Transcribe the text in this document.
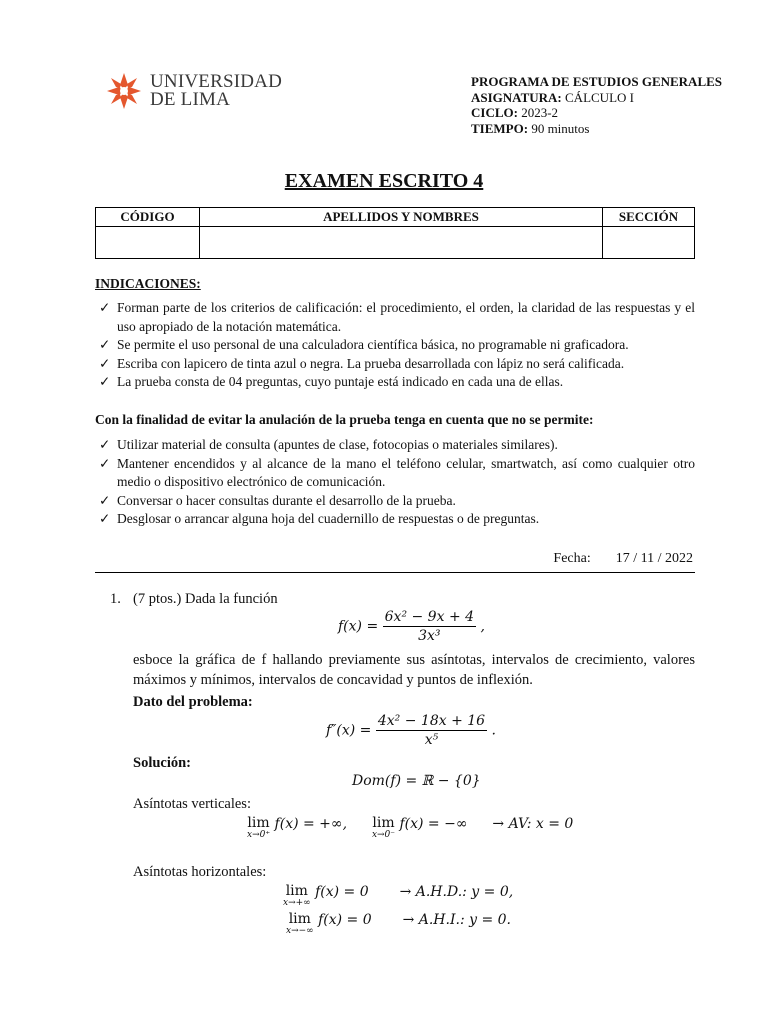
UNIVERSIDAD
DE LIMA
PROGRAMA DE ESTUDIOS GENERALES
ASIGNATURA: CÁLCULO I
CICLO: 2023-2
TIEMPO: 90 minutos
EXAMEN ESCRITO 4
CÓDIGO	APELLIDOS Y NOMBRES	SECCIÓN

INDICACIONES:
✓ Forman parte de los criterios de calificación: el procedimiento, el orden, la claridad de las respuestas y el uso apropiado de la notación matemática.
✓ Se permite el uso personal de una calculadora científica básica, no programable ni graficadora.
✓ Escriba con lapicero de tinta azul o negra. La prueba desarrollada con lápiz no será calificada.
✓ La prueba consta de 04 preguntas, cuyo puntaje está indicado en cada una de ellas.
Con la finalidad de evitar la anulación de la prueba tenga en cuenta que no se permite:
✓ Utilizar material de consulta (apuntes de clase, fotocopias o materiales similares).
✓ Mantener encendidos y al alcance de la mano el teléfono celular, smartwatch, así como cualquier otro medio o dispositivo electrónico de comunicación.
✓ Conversar o hacer consultas durante el desarrollo de la prueba.
✓ Desglosar o arrancar alguna hoja del cuadernillo de respuestas o de preguntas.
Fecha: 17 / 11 / 2022
1. (7 ptos.) Dada la función
$f(x) = \frac{\text{6x² − 9x + 4}}{\text{3x³}}$ ,
esboce la gráfica de f hallando previamente sus asíntotas, intervalos de crecimiento, valores máximos y mínimos, intervalos de concavidad y puntos de inflexión.
Dato del problema:
$f''(x) = \frac{\text{4x² − 18x + 16}}{\text{x⁵}}$ .
Solución:
Dom(f) = ℝ − {0}
Asíntotas verticales:
lim
x→0⁺
f(x) = +∞, lim
x→0⁻
f(x) = −∞ → AV: x = 0
Asíntotas horizontales:
lim
x→+∞
f(x) = 0 → A.H.D.: y = 0,
lim
x→−∞
f(x) = 0 → A.H.I.: y = 0.
